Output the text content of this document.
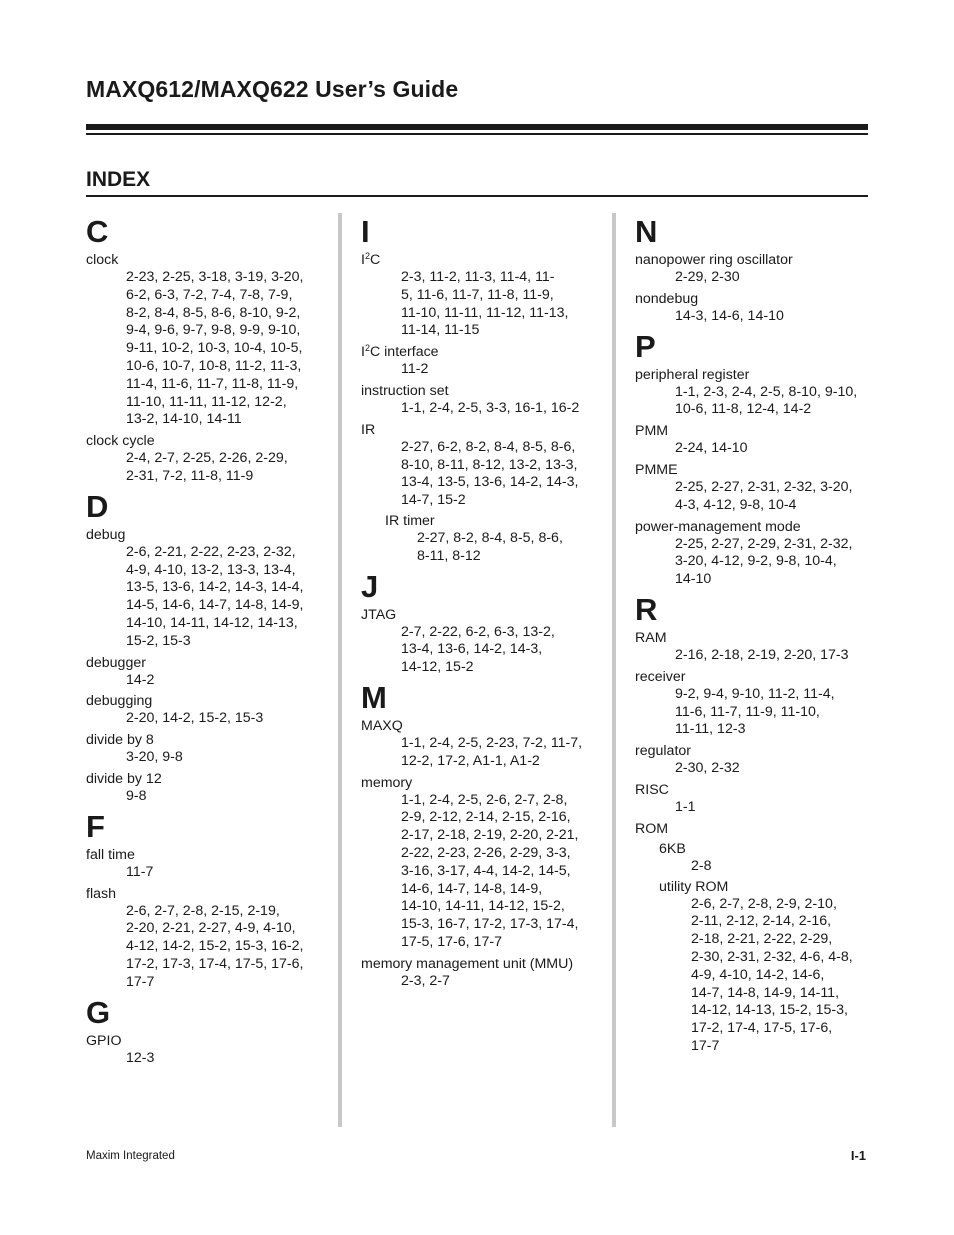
MAXQ612/MAXQ622 User’s Guide
INDEX
C
clock
2-23, 2-25, 3-18, 3-19, 3-20,
6-2, 6-3, 7-2, 7-4, 7-8, 7-9,
8-2, 8-4, 8-5, 8-6, 8-10, 9-2,
9-4, 9-6, 9-7, 9-8, 9-9, 9-10,
9-11, 10-2, 10-3, 10-4, 10-5,
10-6, 10-7, 10-8, 11-2, 11-3,
11-4, 11-6, 11-7, 11-8, 11-9,
11-10, 11-11, 11-12, 12-2,
13-2, 14-10, 14-11
clock cycle
2-4, 2-7, 2-25, 2-26, 2-29,
2-31, 7-2, 11-8, 11-9
D
debug
2-6, 2-21, 2-22, 2-23, 2-32,
4-9, 4-10, 13-2, 13-3, 13-4,
13-5, 13-6, 14-2, 14-3, 14-4,
14-5, 14-6, 14-7, 14-8, 14-9,
14-10, 14-11, 14-12, 14-13,
15-2, 15-3
debugger
14-2
debugging
2-20, 14-2, 15-2, 15-3
divide by 8
3-20, 9-8
divide by 12
9-8
F
fall time
11-7
flash
2-6, 2-7, 2-8, 2-15, 2-19,
2-20, 2-21, 2-27, 4-9, 4-10,
4-12, 14-2, 15-2, 15-3, 16-2,
17-2, 17-3, 17-4, 17-5, 17-6,
17-7
G
GPIO
12-3
I
$I^2C$
2-3, 11-2, 11-3, 11-4, 11-
5, 11-6, 11-7, 11-8, 11-9,
11-10, 11-11, 11-12, 11-13,
11-14, 11-15
$I^2C$ interface
11-2
instruction set
1-1, 2-4, 2-5, 3-3, 16-1, 16-2
IR
2-27, 6-2, 8-2, 8-4, 8-5, 8-6,
8-10, 8-11, 8-12, 13-2, 13-3,
13-4, 13-5, 13-6, 14-2, 14-3,
14-7, 15-2
IR timer
2-27, 8-2, 8-4, 8-5, 8-6,
8-11, 8-12
J
JTAG
2-7, 2-22, 6-2, 6-3, 13-2,
13-4, 13-6, 14-2, 14-3,
14-12, 15-2
M
MAXQ
1-1, 2-4, 2-5, 2-23, 7-2, 11-7,
12-2, 17-2, A1-1, A1-2
memory
1-1, 2-4, 2-5, 2-6, 2-7, 2-8,
2-9, 2-12, 2-14, 2-15, 2-16,
2-17, 2-18, 2-19, 2-20, 2-21,
2-22, 2-23, 2-26, 2-29, 3-3,
3-16, 3-17, 4-4, 14-2, 14-5,
14-6, 14-7, 14-8, 14-9,
14-10, 14-11, 14-12, 15-2,
15-3, 16-7, 17-2, 17-3, 17-4,
17-5, 17-6, 17-7
memory management unit (MMU)
2-3, 2-7
N
nanopower ring oscillator
2-29, 2-30
nondebug
14-3, 14-6, 14-10
P
peripheral register
1-1, 2-3, 2-4, 2-5, 8-10, 9-10,
10-6, 11-8, 12-4, 14-2
PMM
2-24, 14-10
PMME
2-25, 2-27, 2-31, 2-32, 3-20,
4-3, 4-12, 9-8, 10-4
power-management mode
2-25, 2-27, 2-29, 2-31, 2-32,
3-20, 4-12, 9-2, 9-8, 10-4,
14-10
R
RAM
2-16, 2-18, 2-19, 2-20, 17-3
receiver
9-2, 9-4, 9-10, 11-2, 11-4,
11-6, 11-7, 11-9, 11-10,
11-11, 12-3
regulator
2-30, 2-32
RISC
1-1
ROM
6KB
2-8
utility ROM
2-6, 2-7, 2-8, 2-9, 2-10,
2-11, 2-12, 2-14, 2-16,
2-18, 2-21, 2-22, 2-29,
2-30, 2-31, 2-32, 4-6, 4-8,
4-9, 4-10, 14-2, 14-6,
14-7, 14-8, 14-9, 14-11,
14-12, 14-13, 15-2, 15-3,
17-2, 17-4, 17-5, 17-6,
17-7
Maxim Integrated	I-1
